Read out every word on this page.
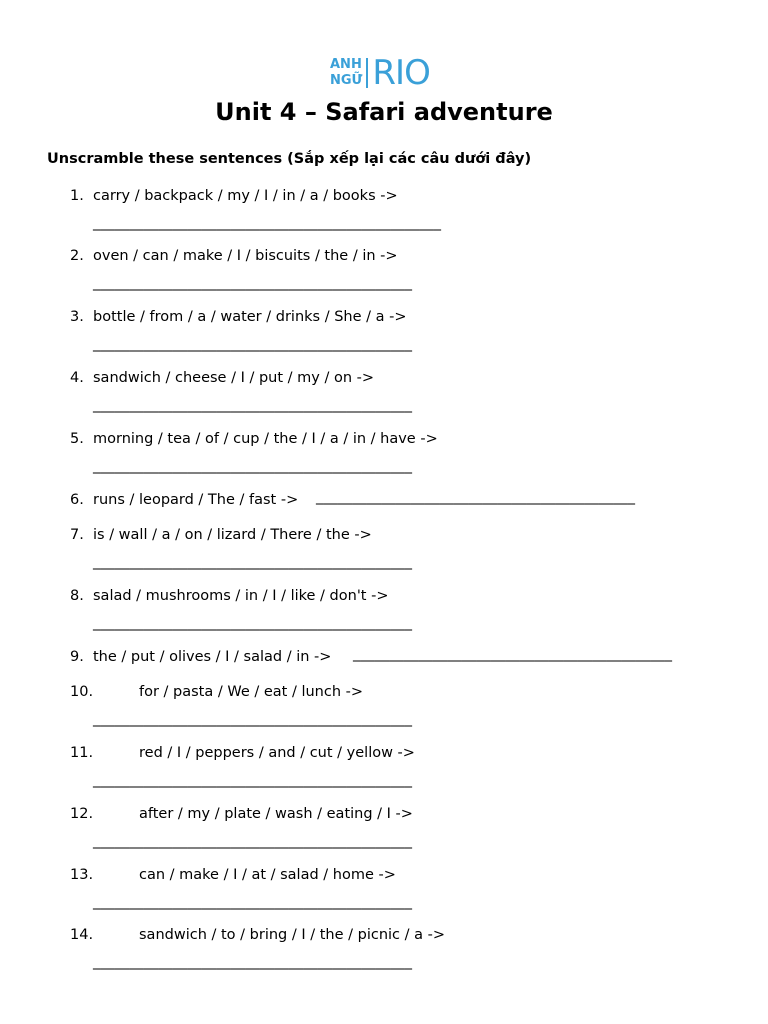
ANH
NGỮ RIO
Unit 4 – Safari adventure
Unscramble these sentences (Sắp xếp lại các câu dưới đây)
1. carry / backpack / my / I / in / a / books ->
________________________________________________
2. oven / can / make / I / biscuits / the / in ->
____________________________________________
3. bottle / from / a / water / drinks / She / a ->
____________________________________________
4. sandwich / cheese / I / put / my / on ->
____________________________________________
5. morning / tea / of / cup / the / I / a / in / have ->
____________________________________________
6. runs / leopard / The / fast -> ____________________________________________
7. is / wall / a / on / lizard / There / the ->
____________________________________________
8. salad / mushrooms / in / I / like / don't ->
____________________________________________
9. the / put / olives / I / salad / in -> ____________________________________________
10.	for / pasta / We / eat / lunch ->
____________________________________________
11.	red / I / peppers / and / cut / yellow ->
____________________________________________
12.	after / my / plate / wash / eating / I ->
____________________________________________
13.	can / make / I / at / salad / home ->
____________________________________________
14.	sandwich / to / bring / I / the / picnic / a ->
____________________________________________
